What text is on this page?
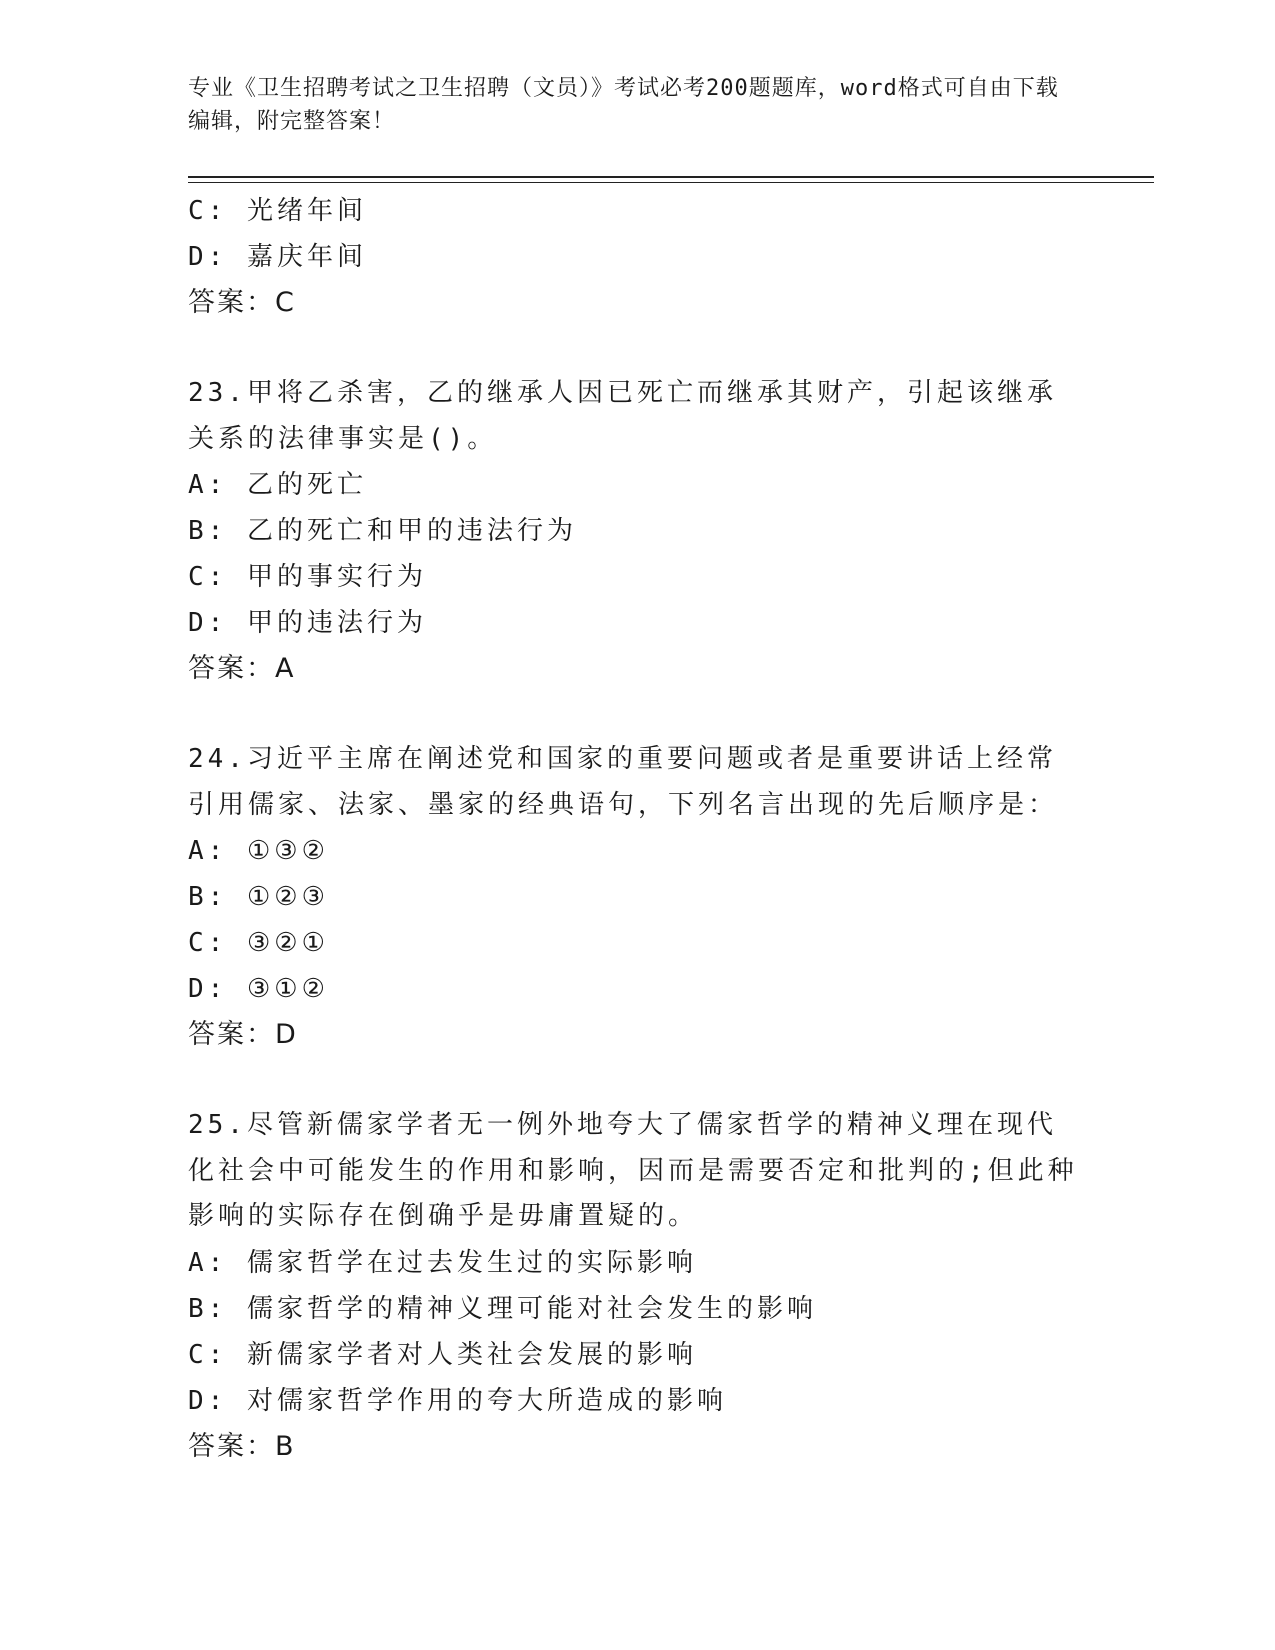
专业《卫生招聘考试之卫生招聘（文员）》考试必考200题题库，word格式可自由下载编辑，附完整答案！
C: 光绪年间
D: 嘉庆年间
答案：C
23.甲将乙杀害，乙的继承人因已死亡而继承其财产，引起该继承关系的法律事实是()。
A: 乙的死亡
B: 乙的死亡和甲的违法行为
C: 甲的事实行为
D: 甲的违法行为
答案：A
24.习近平主席在阐述党和国家的重要问题或者是重要讲话上经常引用儒家、法家、墨家的经典语句，下列名言出现的先后顺序是：
A: ①③②
B: ①②③
C: ③②①
D: ③①②
答案：D
25.尽管新儒家学者无一例外地夸大了儒家哲学的精神义理在现代化社会中可能发生的作用和影响，因而是需要否定和批判的;但此种影响的实际存在倒确乎是毋庸置疑的。
A: 儒家哲学在过去发生过的实际影响
B: 儒家哲学的精神义理可能对社会发生的影响
C: 新儒家学者对人类社会发展的影响
D: 对儒家哲学作用的夸大所造成的影响
答案：B
